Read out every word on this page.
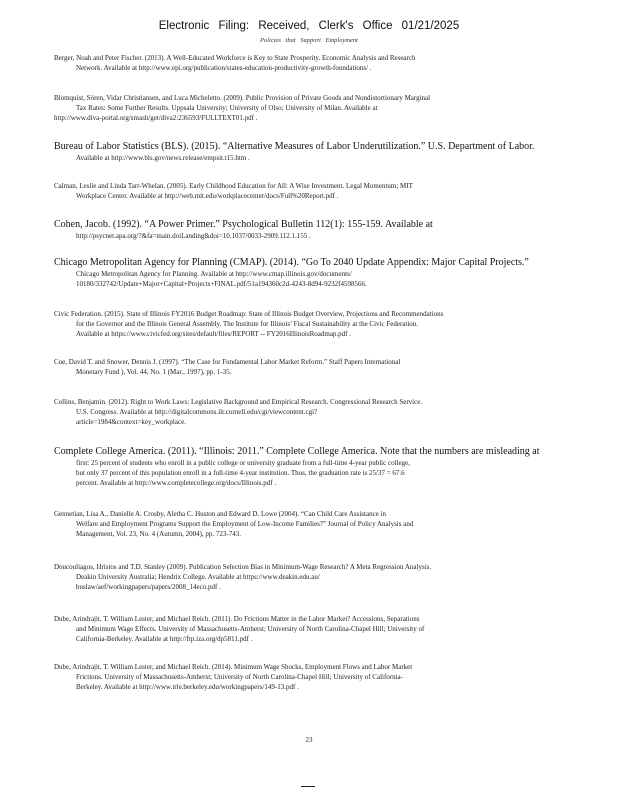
Electronic Filing: Received, Clerk's Office 01/21/2025
Policies that Support Employment
Berger, Noah and Peter Fischer. (2013). A Well-Educated Workforce is Key to State Prosperity. Economic Analysis and Research
Network. Available at http://www.epi.org/publication/states-education-productivity-growth-foundations/ .
Blomquist, Sören, Vidar Christiansen, and Luca Micheletto. (2009). Public Provision of Private Goods and Nondistortionary Marginal
Tax Rates: Some Further Results. Uppsala University; University of Olso; University of Milan. Available at
http://www.diva-portal.org/smash/get/diva2:236593/FULLTEXT01.pdf .
Bureau of Labor Statistics (BLS). (2015). “Alternative Measures of Labor Underutilization.” U.S. Department of Labor.
Available at http://www.bls.gov/news.release/empsit.t15.htm .
Calman, Leslie and Linda Tarr-Whelan. (2005). Early Childhood Education for All: A Wise Investment. Legal Momentum; MIT
Workplace Center. Available at http://web.mit.edu/workplacecenter/docs/Full%20Report.pdf .
Cohen, Jacob. (1992). “A Power Primer.” Psychological Bulletin 112(1): 155-159. Available at
http://psycnet.apa.org/?&fa=main.doiLanding&doi=10.1037/0033-2909.112.1.155 .
Chicago Metropolitan Agency for Planning (CMAP). (2014). “Go To 2040 Update Appendix: Major Capital Projects.”
Chicago Metropolitan Agency for Planning. Available at http://www.cmap.illinois.gov/documents/
10180/332742/Update+Major+Capital+Projects+FINAL.pdf/51a194360c2d-4243-8d94-9232f4598566.
Civic Federation. (2015). State of Illinois FY2016 Budget Roadmap: State of Illinois Budget Overview, Projections and Recommendations
for the Governor and the Illinois General Assembly. The Institute for Illinois’ Fiscal Sustainability at the Civic Federation.
Available at https://www.civicfed.org/sites/default/files/REPORT -- FY2016IllinoisRoadmap.pdf .
Coe, David T. and Snower, Dennis J. (1997). “The Case for Fundamental Labor Market Reform.” Staff Papers International
Monetary Fund ), Vol. 44, No. 1 (Mar., 1997), pp. 1-35.
Collins, Benjamin. (2012). Right to Work Laws: Legislative Background and Empirical Research. Congressional Research Service.
U.S. Congress. Available at http://digitalcommons.ilr.cornell.edu/cgi/viewcontent.cgi?
article=1984&context=key_workplace.
Complete College America. (2011). “Illinois: 2011.” Complete College America. Note that the numbers are misleading at
first: 25 percent of students who enroll in a public college or university graduate from a full-time 4-year public college,
but only 37 percent of this population enroll in a full-time 4-year institution. Thus, the graduation rate is 25/37 = 67.6
percent. Available at http://www.completecollege.org/docs/Illinois.pdf .
Gennetian, Lisa A., Danielle A. Crosby, Aletha C. Huston and Edward D. Lowe (2004). “Can Child Care Assistance in
Welfare and Employment Programs Support the Employment of Low-Income Families?” Journal of Policy Analysis and
Management, Vol. 23, No. 4 (Autumn, 2004), pp. 723-743.
Doucouliagos, Hristos and T.D. Stanley (2009). Publication Selection Bias in Minimum-Wage Research? A Meta Regression Analysis.
Deakin University Australia; Hendrix College. Available at https://www.deakin.edu.au/
buslaw/aef/workingpapers/papers/2008_14eco.pdf .
Dube, Arindrajit, T. William Lester, and Michael Reich. (2011). Do Frictions Matter in the Labor Market? Accessions, Separations
and Minimum Wage Effects. University of Massachusetts-Amherst; University of North Carolina-Chapel Hill; University of
California-Berkeley. Available at http://ftp.iza.org/dp5811.pdf .
Dube, Arindrajit, T. William Lester, and Michael Reich. (2014). Minimum Wage Shocks, Employment Flows and Labor Market
Frictions. University of Massachusetts-Amherst; University of North Carolina-Chapel Hill; University of California-
Berkeley. Available at http://www.irle.berkeley.edu/workingpapers/149-13.pdf .
23
